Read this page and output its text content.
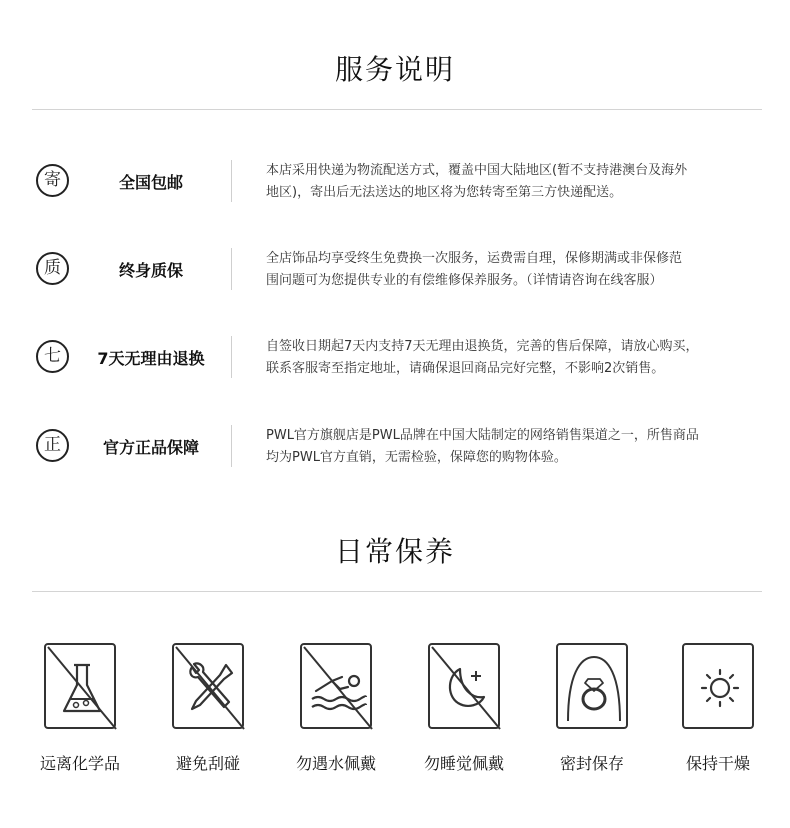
服务说明
寄	全国包邮
本店采用快递为物流配送方式，覆盖中国大陆地区(暂不支持港澳台及海外
地区)，寄出后无法送达的地区将为您转寄至第三方快递配送。
质	终身质保
全店饰品均享受终生免费换一次服务，运费需自理，保修期满或非保修范
围问题可为您提供专业的有偿维修保养服务。（详情请咨询在线客服）
七	7天无理由退换
自签收日期起7天内支持7天无理由退换货，完善的售后保障，请放心购买，
联系客服寄至指定地址，请确保退回商品完好完整，不影响2次销售。
正	官方正品保障
PWL官方旗舰店是PWL品牌在中国大陆制定的网络销售渠道之一，所售商品
均为PWL官方直销，无需检验，保障您的购物体验。
日常保养
远离化学品	避免刮碰	勿遇水佩戴	勿睡觉佩戴	密封保存	保持干燥
